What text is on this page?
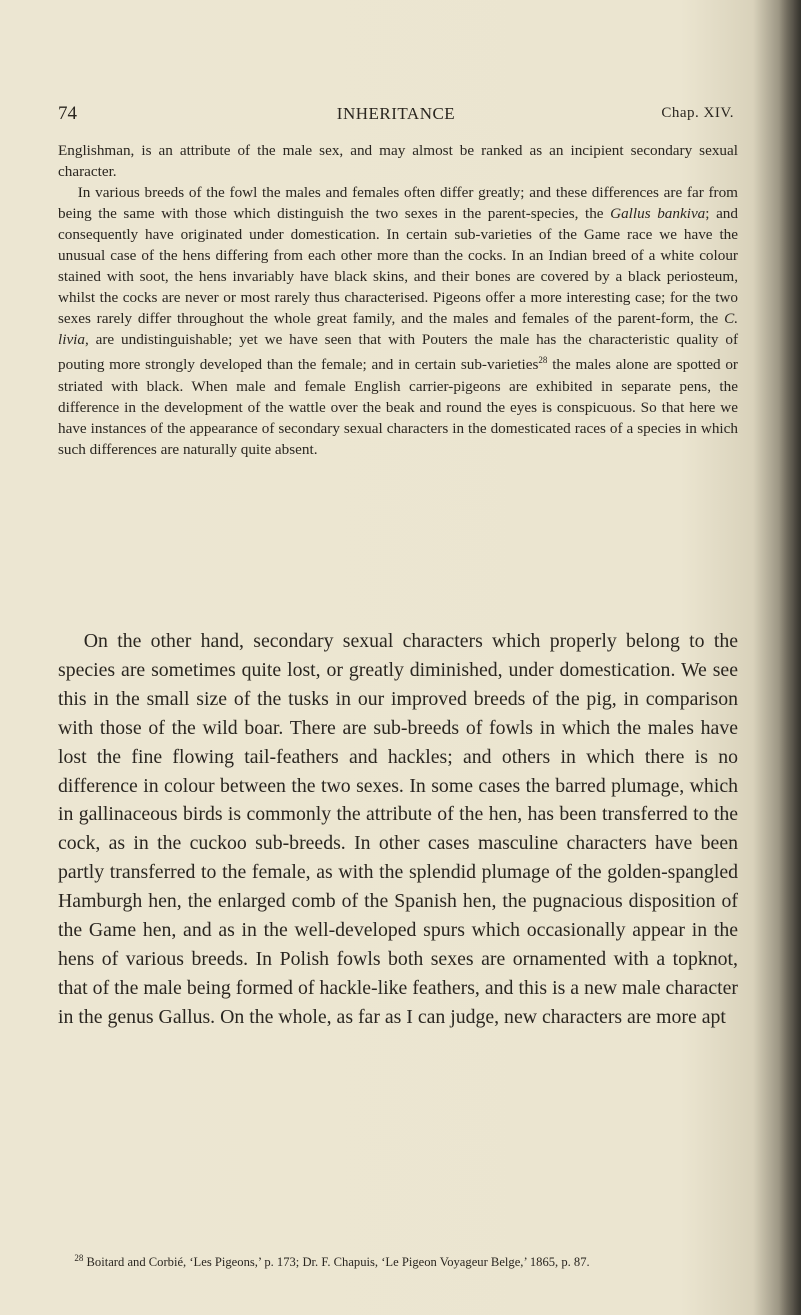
74	INHERITANCE	Chap. XIV.

Englishman, is an attribute of the male sex, and may almost be ranked as an incipient secondary sexual character.

In various breeds of the fowl the males and females often differ greatly; and these differences are far from being the same with those which distinguish the two sexes in the parent-species, the Gallus bankiva; and consequently have originated under domestication. In certain sub-varieties of the Game race we have the unusual case of the hens differing from each other more than the cocks. In an Indian breed of a white colour stained with soot, the hens invariably have black skins, and their bones are covered by a black periosteum, whilst the cocks are never or most rarely thus characterised. Pigeons offer a more interesting case; for the two sexes rarely differ throughout the whole great family, and the males and females of the parent-form, the C. livia, are undistinguishable; yet we have seen that with Pouters the male has the characteristic quality of pouting more strongly developed than the female; and in certain sub-varieties$^{28}$ the males alone are spotted or striated with black. When male and female English carrier-pigeons are exhibited in separate pens, the difference in the development of the wattle over the beak and round the eyes is conspicuous. So that here we have instances of the appearance of secondary sexual characters in the domesticated races of a species in which such differences are naturally quite absent.

On the other hand, secondary sexual characters which properly belong to the species are sometimes quite lost, or greatly diminished, under domestication. We see this in the small size of the tusks in our improved breeds of the pig, in comparison with those of the wild boar. There are sub-breeds of fowls in which the males have lost the fine flowing tail-feathers and hackles; and others in which there is no difference in colour between the two sexes. In some cases the barred plumage, which in gallinaceous birds is commonly the attribute of the hen, has been transferred to the cock, as in the cuckoo sub-breeds. In other cases masculine characters have been partly transferred to the female, as with the splendid plumage of the golden-spangled Hamburgh hen, the enlarged comb of the Spanish hen, the pugnacious disposition of the Game hen, and as in the well-developed spurs which occasionally appear in the hens of various breeds. In Polish fowls both sexes are ornamented with a topknot, that of the male being formed of hackle-like feathers, and this is a new male character in the genus Gallus. On the whole, as far as I can judge, new characters are more apt

$^{28}$ Boitard and Corbié, ‘Les Pigeons,’ p. 173; Dr. F. Chapuis, ‘Le Pigeon Voyageur Belge,’ 1865, p. 87.
